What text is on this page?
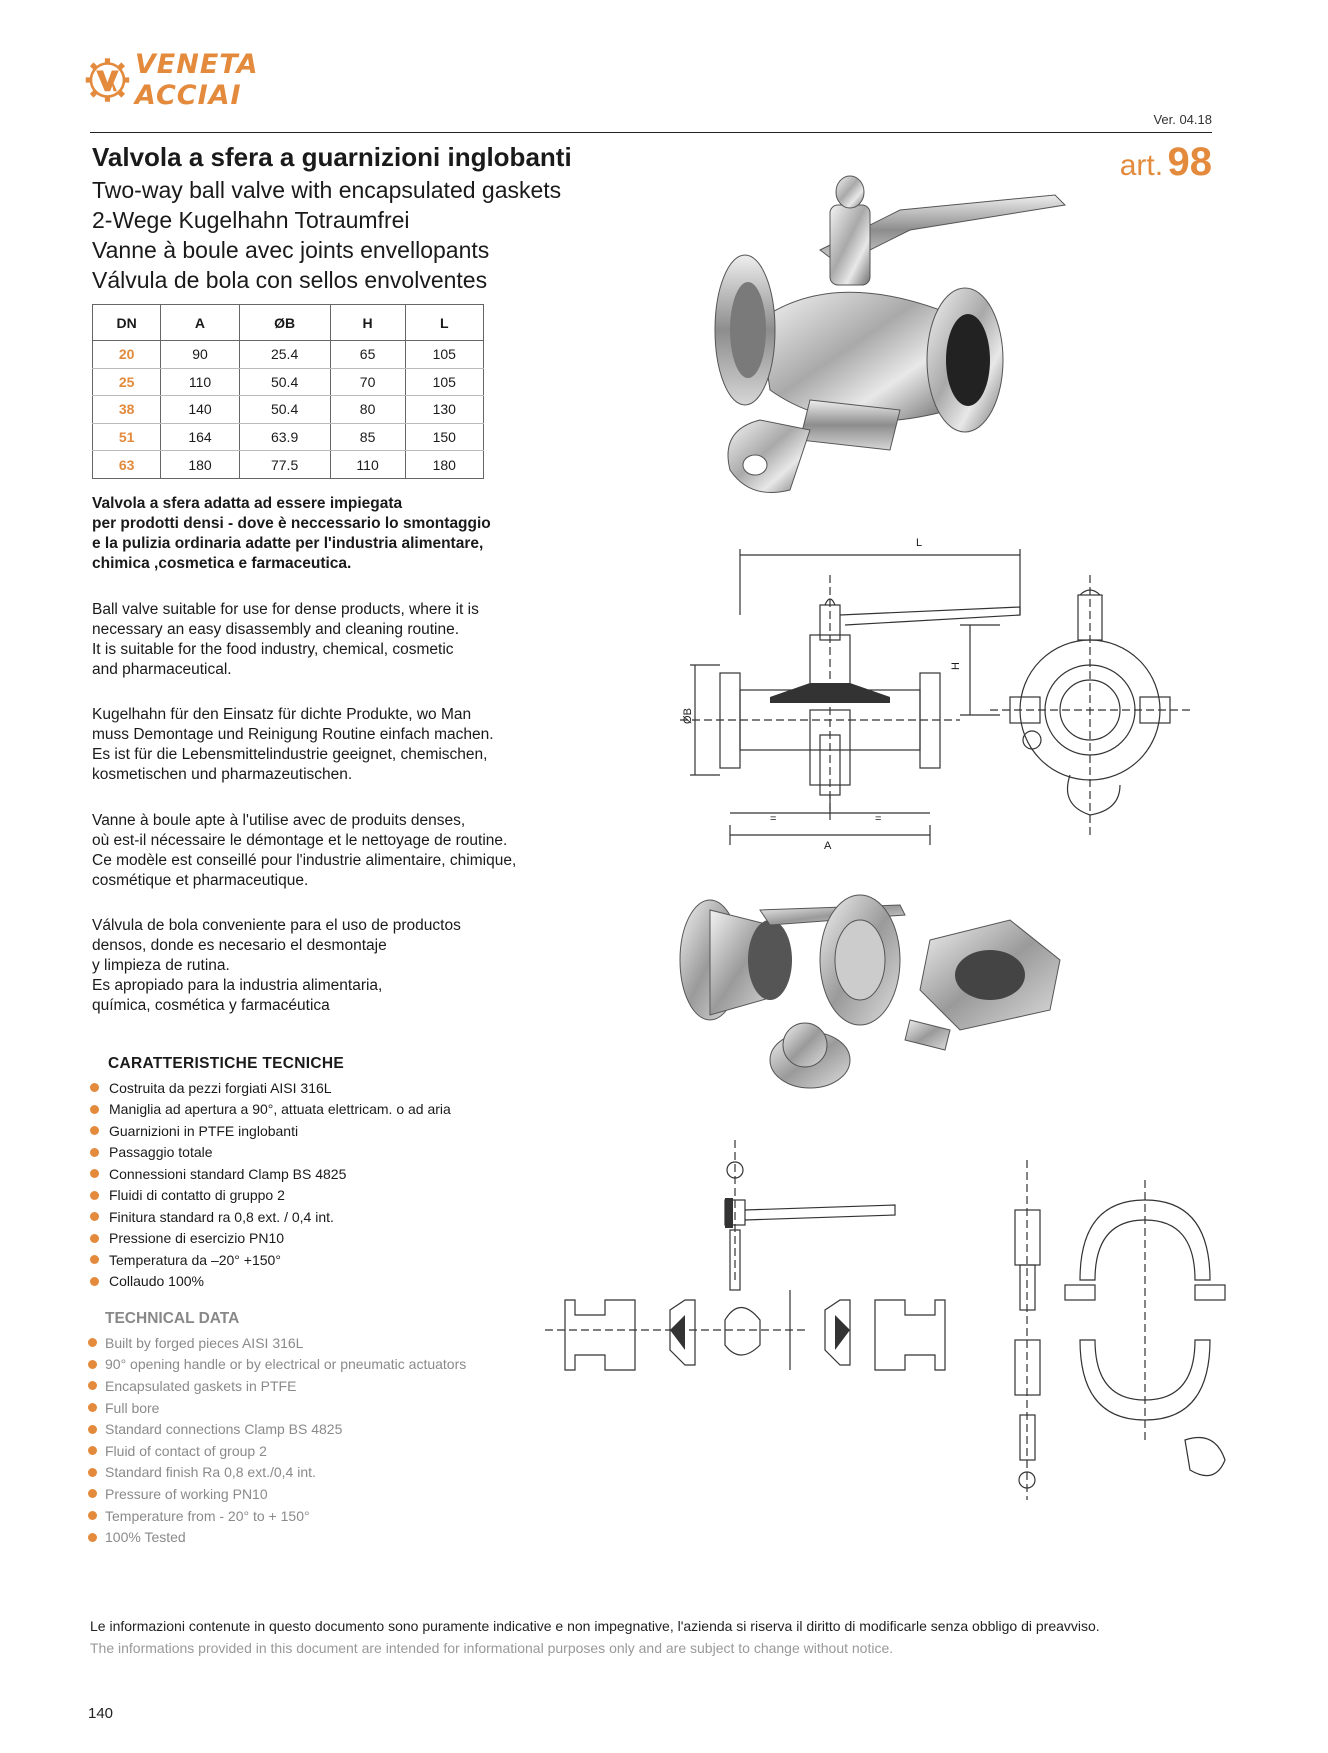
VENETA ACCIAI
Ver. 04.18
art. 98
Valvola a sfera a guarnizioni inglobanti
Two-way ball valve with encapsulated gaskets
2-Wege Kugelhahn Totraumfrei
Vanne à boule avec joints envellopants
Válvula de bola con sellos envolventes
DN	A	ØB	H	L
20	90	25.4	65	105
25	110	50.4	70	105
38	140	50.4	80	130
51	164	63.9	85	150
63	180	77.5	110	180
Valvola a sfera adatta ad essere impiegata
per prodotti densi - dove è neccessario lo smontaggio
e la pulizia ordinaria adatte per l'industria alimentare,
chimica ,cosmetica e farmaceutica.
Ball valve suitable for use for dense products, where it is
necessary an easy disassembly and cleaning routine.
It is suitable for the food industry, chemical, cosmetic
and pharmaceutical.
Kugelhahn für den Einsatz für dichte Produkte, wo Man
muss Demontage und Reinigung Routine einfach machen.
Es ist für die Lebensmittelindustrie geeignet, chemischen,
kosmetischen und pharmazeutischen.
Vanne à boule apte à l'utilise avec de produits denses,
où est-il nécessaire le démontage et le nettoyage de routine.
Ce modèle est conseillé pour l'industrie alimentaire, chimique,
cosmétique et pharmaceutique.
Válvula de bola conveniente para el uso de productos
densos, donde es necesario el desmontaje
y limpieza de rutina.
Es apropiado para la industria alimentaria,
química, cosmética y farmacéutica
CARATTERISTICHE TECNICHE
Costruita da pezzi forgiati AISI 316L
Maniglia ad apertura a 90°, attuata elettricam. o ad aria
Guarnizioni in PTFE inglobanti
Passaggio totale
Connessioni standard Clamp BS 4825
Fluidi di contatto di gruppo 2
Finitura standard ra 0,8 ext. / 0,4 int.
Pressione di esercizio PN10
Temperatura da –20° +150°
Collaudo 100%
TECHNICAL DATA
Built by forged pieces AISI 316L
90° opening handle or by electrical or pneumatic actuators
Encapsulated gaskets in PTFE
Full bore
Standard connections Clamp BS 4825
Fluid of contact of group 2
Standard finish Ra 0,8 ext./0,4 int.
Pressure of working PN10
Temperature from - 20° to + 150°
100% Tested
L
H
ØB
=	=
A
Le informazioni contenute in questo documento sono puramente indicative e non impegnative, l'azienda si riserva il diritto di modificarle senza obbligo di preavviso.
The informations provided in this document are intended for informational purposes only and are subject to change without notice.
140
